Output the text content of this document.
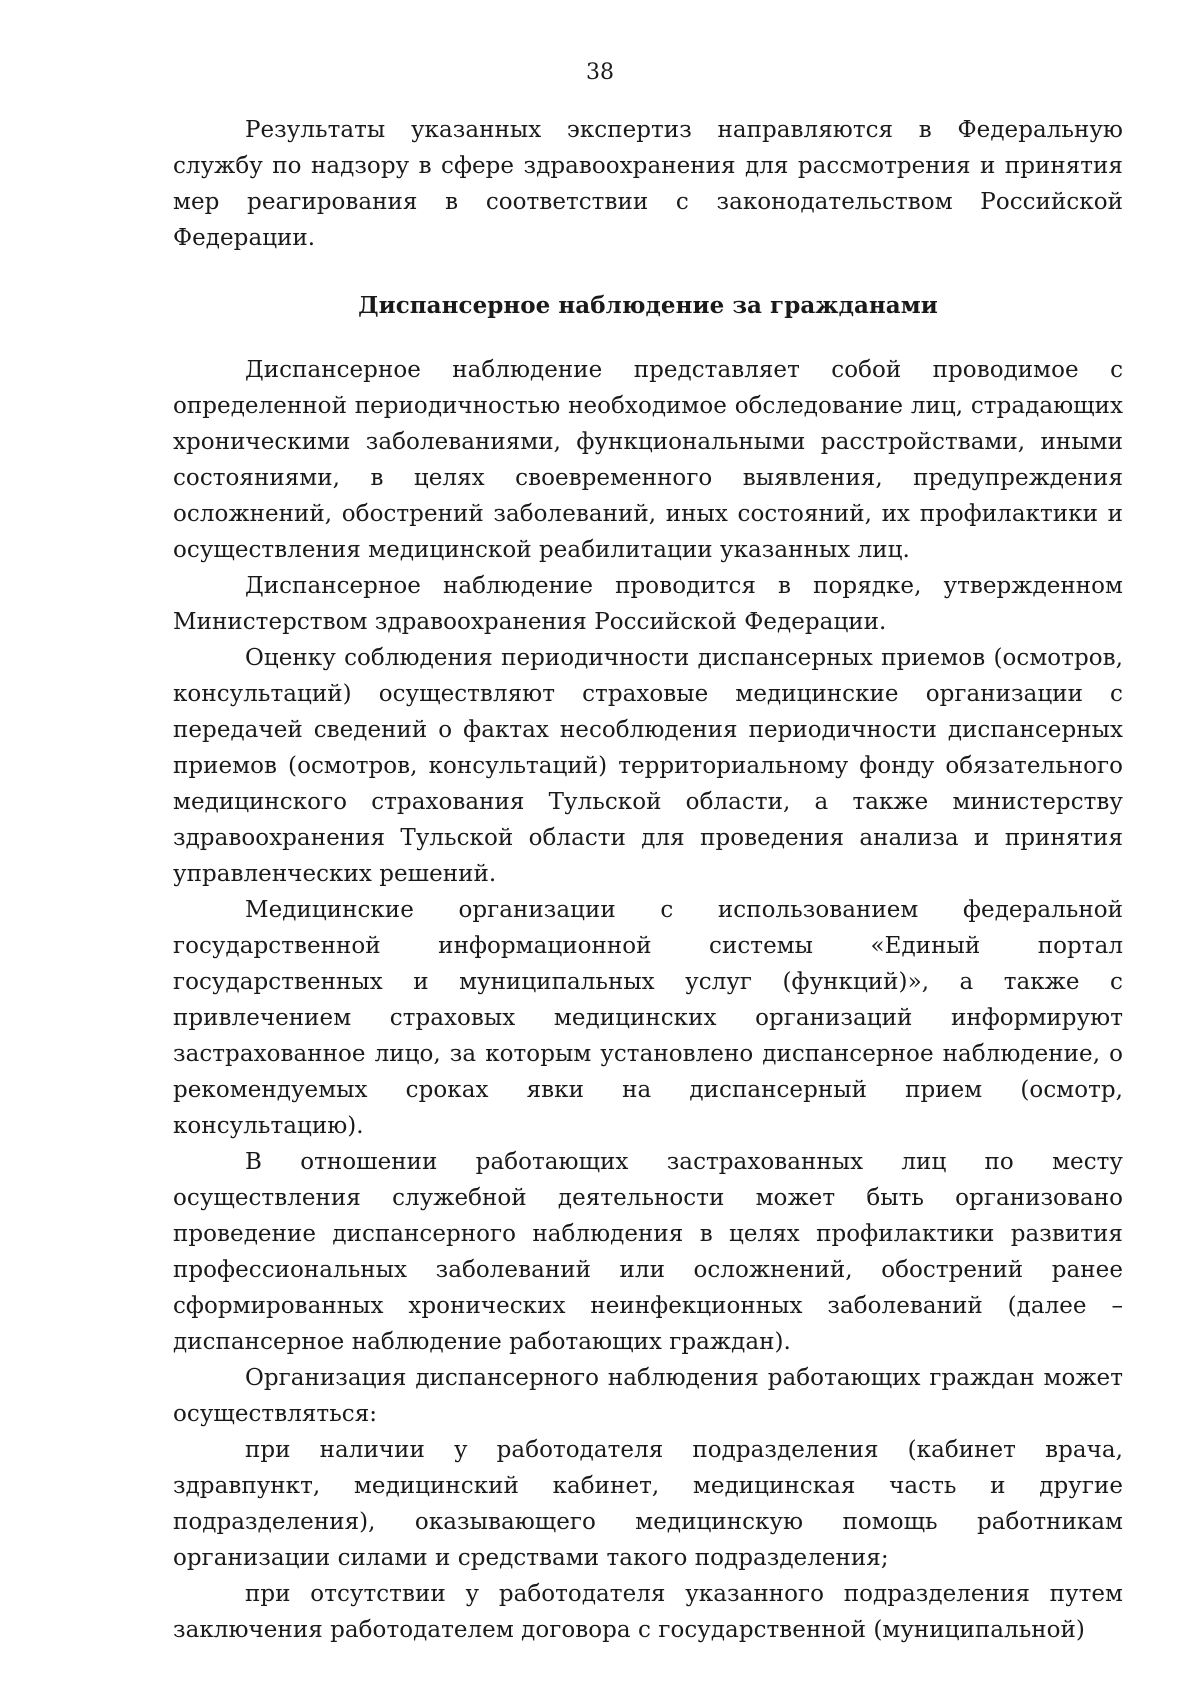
38

Результаты указанных экспертиз направляются в Федеральную службу по надзору в сфере здравоохранения для рассмотрения и принятия мер реагирования в соответствии с законодательством Российской Федерации.

Диспансерное наблюдение за гражданами

Диспансерное наблюдение представляет собой проводимое с определенной периодичностью необходимое обследование лиц, страдающих хроническими заболеваниями, функциональными расстройствами, иными состояниями, в целях своевременного выявления, предупреждения осложнений, обострений заболеваний, иных состояний, их профилактики и осуществления медицинской реабилитации указанных лиц.

Диспансерное наблюдение проводится в порядке, утвержденном Министерством здравоохранения Российской Федерации.

Оценку соблюдения периодичности диспансерных приемов (осмотров, консультаций) осуществляют страховые медицинские организации с передачей сведений о фактах несоблюдения периодичности диспансерных приемов (осмотров, консультаций) территориальному фонду обязательного медицинского страхования Тульской области, а также министерству здравоохранения Тульской области для проведения анализа и принятия управленческих решений.

Медицинские организации с использованием федеральной государственной информационной системы «Единый портал государственных и муниципальных услуг (функций)», а также с привлечением страховых медицинских организаций информируют застрахованное лицо, за которым установлено диспансерное наблюдение, о рекомендуемых сроках явки на диспансерный прием (осмотр, консультацию).

В отношении работающих застрахованных лиц по месту осуществления служебной деятельности может быть организовано проведение диспансерного наблюдения в целях профилактики развития профессиональных заболеваний или осложнений, обострений ранее сформированных хронических неинфекционных заболеваний (далее – диспансерное наблюдение работающих граждан).

Организация диспансерного наблюдения работающих граждан может осуществляться:

при наличии у работодателя подразделения (кабинет врача, здравпункт, медицинский кабинет, медицинская часть и другие подразделения), оказывающего медицинскую помощь работникам организации силами и средствами такого подразделения;

при отсутствии у работодателя указанного подразделения путем заключения работодателем договора с государственной (муниципальной)
